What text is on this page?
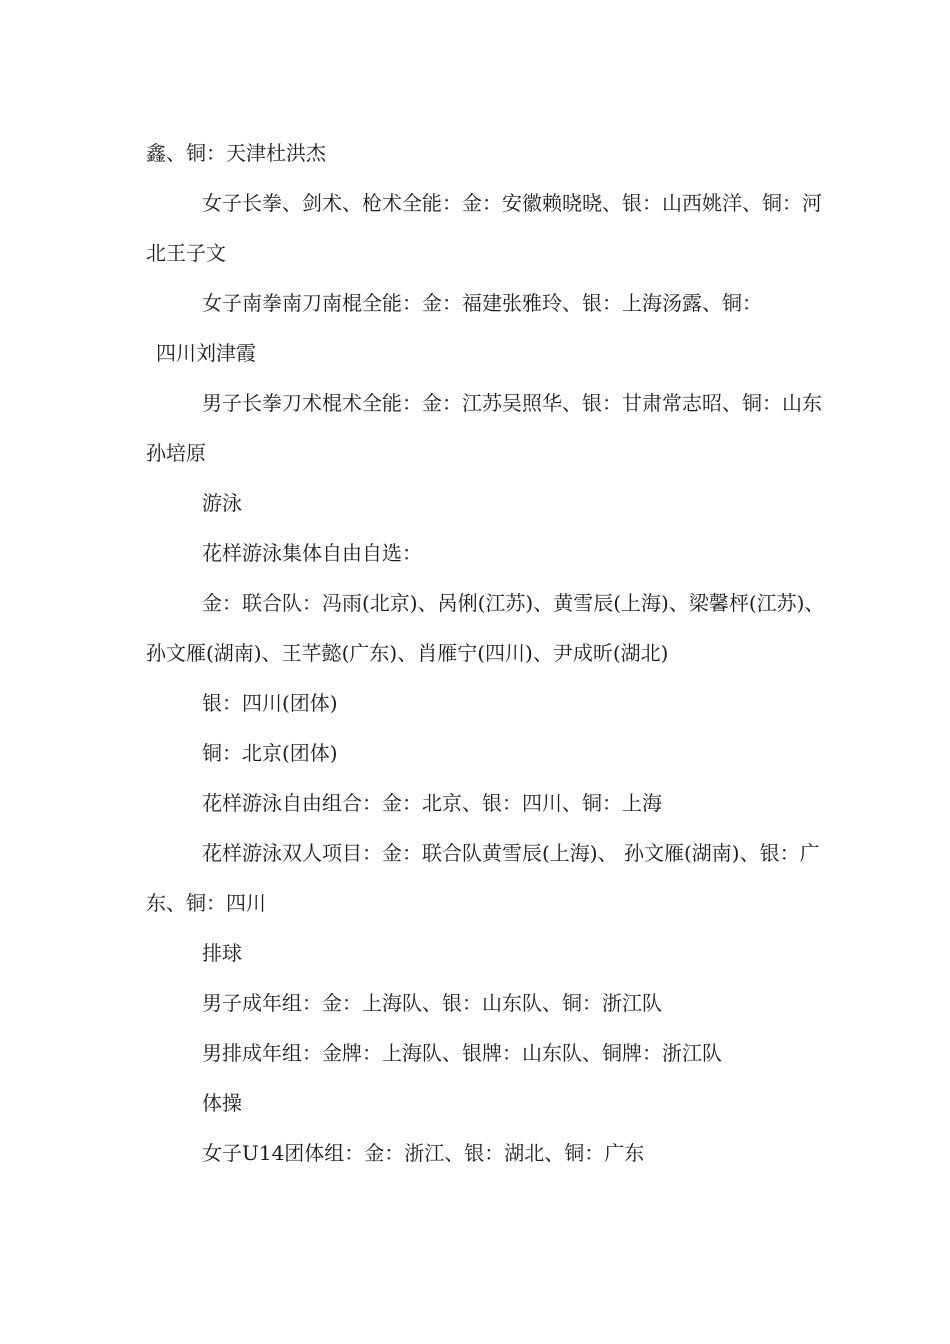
鑫、铜：天津杜洪杰

女子长拳、剑术、枪术全能：金：安徽赖晓晓、银：山西姚洋、铜：河北王子文

女子南拳南刀南棍全能：金：福建张雅玲、银：上海汤露、铜：

四川刘津霞

男子长拳刀术棍术全能：金：江苏吴照华、银：甘肃常志昭、铜：山东孙培原

游泳

花样游泳集体自由自选：

金：联合队：冯雨(北京)、呙俐(江苏)、黄雪辰(上海)、梁馨枰(江苏)、孙文雁(湖南)、王芊懿(广东)、肖雁宁(四川)、尹成昕(湖北)

银：四川(团体)

铜：北京(团体)

花样游泳自由组合：金：北京、银：四川、铜：上海

花样游泳双人项目：金：联合队黄雪辰(上海)、 孙文雁(湖南)、银：广东、铜：四川

排球

男子成年组：金：上海队、银：山东队、铜：浙江队

男排成年组：金牌：上海队、银牌：山东队、铜牌：浙江队

体操

女子U14团体组：金：浙江、银：湖北、铜：广东
